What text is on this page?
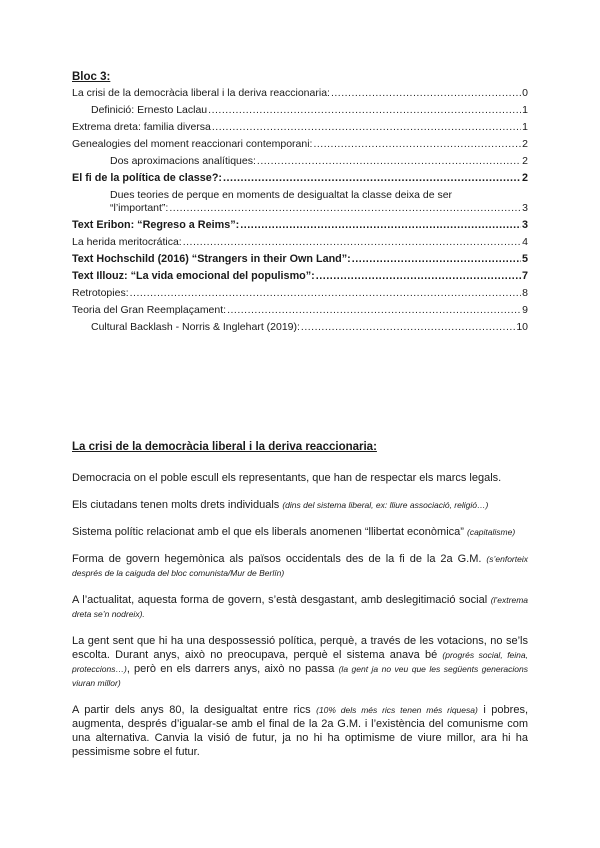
Bloc 3:
La crisi de la democràcia liberal i la deriva reaccionaria: .....	0
Definició: Ernesto Laclau .....	1
Extrema dreta: familia diversa .....	1
Genealogies del moment reaccionari contemporani: .....	2
Dos aproximacions analítiques: .....	2
El fi de la política de classe?: .....	2
Dues teories de perque en moments de desigualtat la classe deixa de ser
“l’important”: .....	3
Text Eribon: “Regreso a Reims”: .....	3
La herida meritocrática: .....	4
Text Hochschild (2016) “Strangers in their Own Land”: .....	5
Text Illouz: “La vida emocional del populismo”: .....	7
Retrotopies: .....	8
Teoria del Gran Reemplaçament: .....	9
Cultural Backlash - Norris & Inglehart (2019): .....	10
La crisi de la democràcia liberal i la deriva reaccionaria:

Democracia on el poble escull els representants, que han de respectar els marcs legals.

Els ciutadans tenen molts drets individuals (dins del sistema liberal, ex: lliure associació, religió…)

Sistema polític relacionat amb el que els liberals anomenen “llibertat econòmica” (capitalisme)

Forma de govern hegemònica als països occidentals des de la fi de la 2a G.M. (s’enforteix després de la caiguda del bloc comunista/Mur de Berlín)

A l’actualitat, aquesta forma de govern, s’està desgastant, amb deslegitimació social (l’extrema dreta se’n nodreix).

La gent sent que hi ha una despossessió política, perquè, a través de les votacions, no se’ls escolta. Durant anys, això no preocupava, perquè el sistema anava bé (progrés social, feina, proteccions…), però en els darrers anys, això no passa (la gent ja no veu que les següents generacions viuran millor)

A partir dels anys 80, la desigualtat entre rics (10% dels més rics tenen més riquesa) i pobres, augmenta, després d’igualar-se amb el final de la 2a G.M. i l’existència del comunisme com una alternativa. Canvia la visió de futur, ja no hi ha optimisme de viure millor, ara hi ha pessimisme sobre el futur.
